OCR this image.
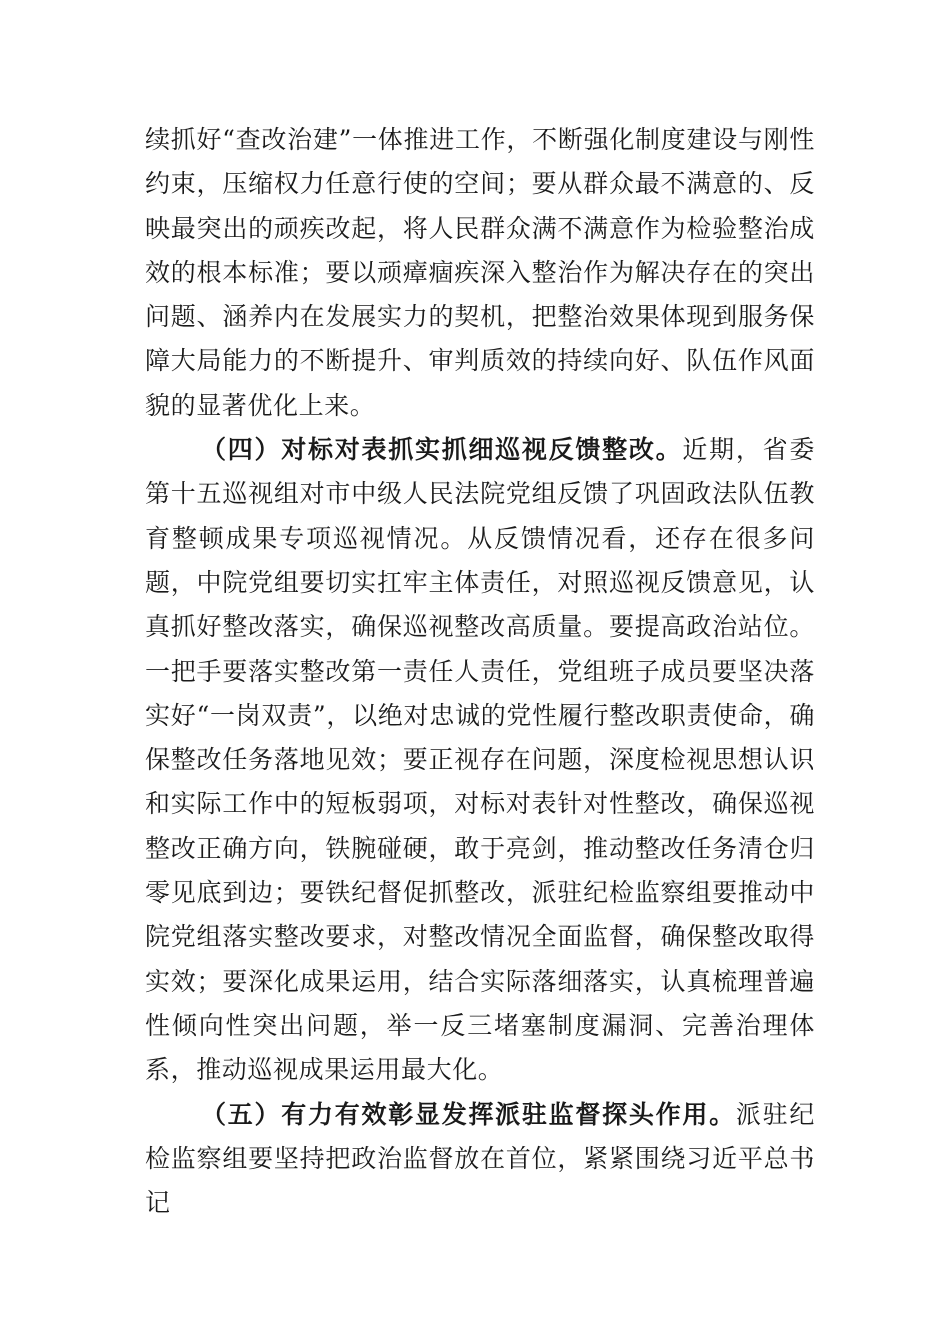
续抓好“查改治建”一体推进工作，不断强化制度建设与刚性约束，压缩权力任意行使的空间；要从群众最不满意的、反映最突出的顽疾改起，将人民群众满不满意作为检验整治成效的根本标准；要以顽瘴痼疾深入整治作为解决存在的突出问题、涵养内在发展实力的契机，把整治效果体现到服务保障大局能力的不断提升、审判质效的持续向好、队伍作风面貌的显著优化上来。

（四）对标对表抓实抓细巡视反馈整改。近期，省委第十五巡视组对市中级人民法院党组反馈了巩固政法队伍教育整顿成果专项巡视情况。从反馈情况看，还存在很多问题，中院党组要切实扛牢主体责任，对照巡视反馈意见，认真抓好整改落实，确保巡视整改高质量。要提高政治站位。一把手要落实整改第一责任人责任，党组班子成员要坚决落实好“一岗双责”，以绝对忠诚的党性履行整改职责使命，确保整改任务落地见效；要正视存在问题，深度检视思想认识和实际工作中的短板弱项，对标对表针对性整改，确保巡视整改正确方向，铁腕碰硬，敢于亮剑，推动整改任务清仓归零见底到边；要铁纪督促抓整改，派驻纪检监察组要推动中院党组落实整改要求，对整改情况全面监督，确保整改取得实效；要深化成果运用，结合实际落细落实，认真梳理普遍性倾向性突出问题，举一反三堵塞制度漏洞、完善治理体系，推动巡视成果运用最大化。

（五）有力有效彰显发挥派驻监督探头作用。派驻纪检监察组要坚持把政治监督放在首位，紧紧围绕习近平总书记
